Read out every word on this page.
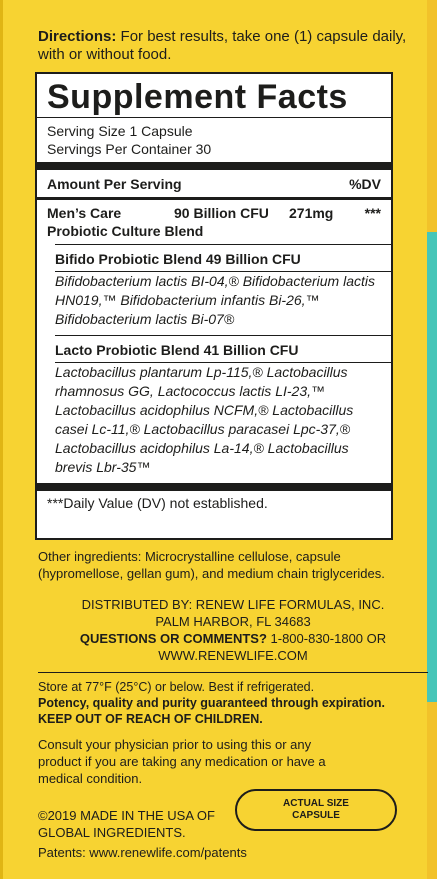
Directions: For best results, take one (1) capsule daily, with or without food.
Supplement Facts
Serving Size 1 Capsule
Servings Per Container 30
Amount Per Serving	%DV
Men’s Care	90 Billion CFU	271mg	***
Probiotic Culture Blend
Bifido Probiotic Blend 49 Billion CFU
Bifidobacterium lactis BI-04,® Bifidobacterium lactis HN019,™ Bifidobacterium infantis Bi-26,™ Bifidobacterium lactis Bi-07®
Lacto Probiotic Blend 41 Billion CFU
Lactobacillus plantarum Lp-115,® Lactobacillus rhamnosus GG, Lactococcus lactis LI-23,™ Lactobacillus acidophilus NCFM,® Lactobacillus casei Lc-11,® Lactobacillus paracasei Lpc-37,® Lactobacillus acidophilus La-14,® Lactobacillus brevis Lbr-35™
***Daily Value (DV) not established.
Other ingredients: Microcrystalline cellulose, capsule (hypromellose, gellan gum), and medium chain triglycerides.
DISTRIBUTED BY: RENEW LIFE FORMULAS, INC.
PALM HARBOR, FL 34683
QUESTIONS OR COMMENTS? 1-800-830-1800 OR
WWW.RENEWLIFE.COM
Store at 77°F (25°C) or below. Best if refrigerated.
Potency, quality and purity guaranteed through expiration.
KEEP OUT OF REACH OF CHILDREN.
Consult your physician prior to using this or any product if you are taking any medication or have a medical condition.
©2019 MADE IN THE USA OF GLOBAL INGREDIENTS.
ACTUAL SIZE
CAPSULE
Patents: www.renewlife.com/patents
